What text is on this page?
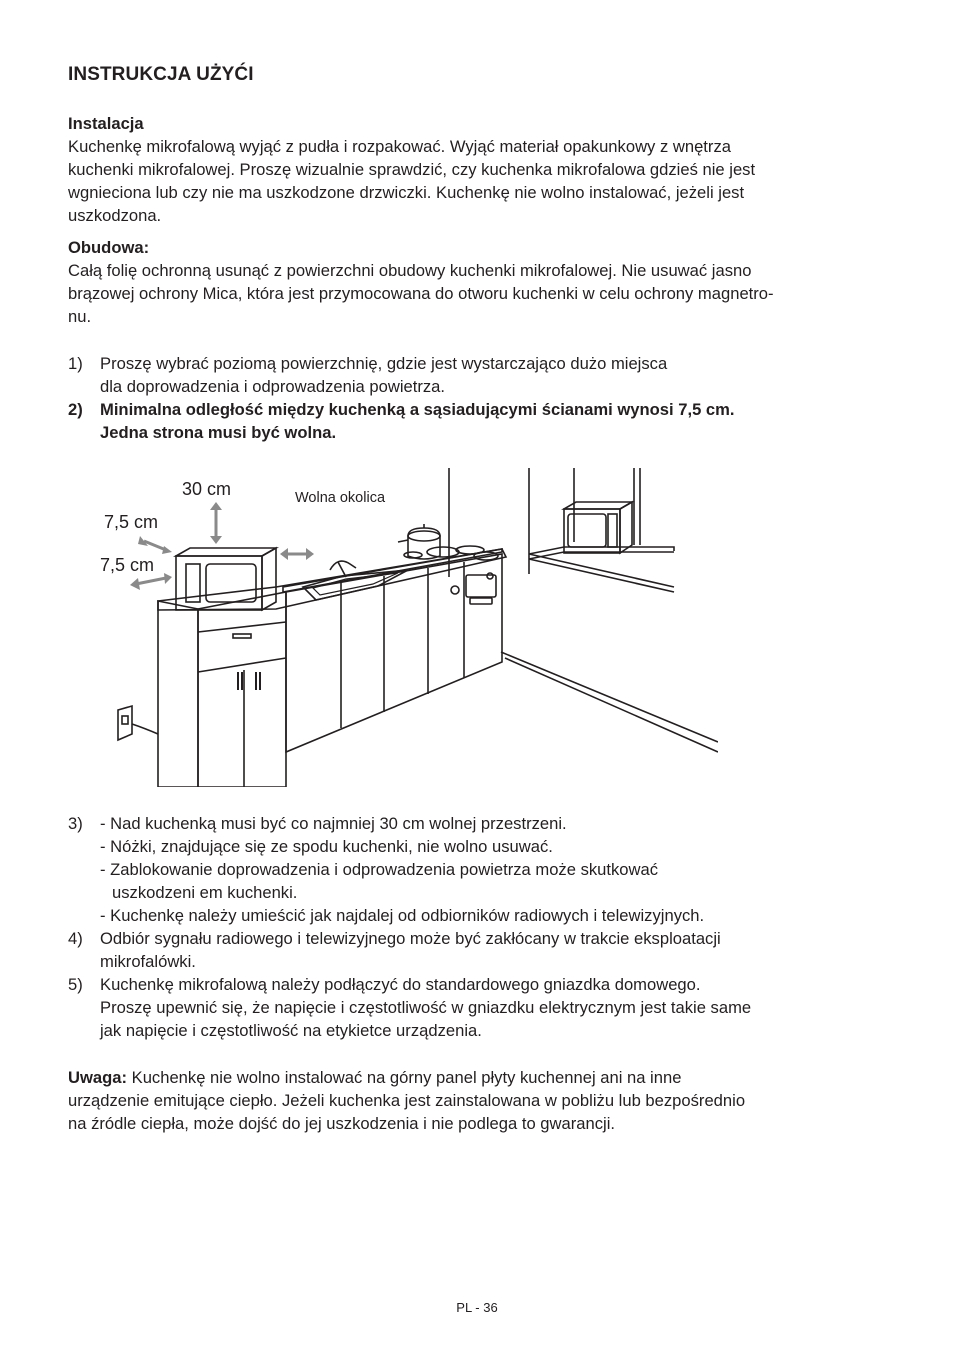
INSTRUKCJA UŻYĆI
Instalacja
Kuchenkę mikrofalową wyjąć z pudła i rozpakować. Wyjąć materiał opakunkowy z wnętrza
kuchenki mikrofalowej. Proszę wizualnie sprawdzić, czy kuchenka mikrofalowa gdzieś nie jest
wgnieciona lub czy nie ma uszkodzone drzwiczki. Kuchenkę nie wolno instalować, jeżeli jest
uszkodzona.
Obudowa:
Całą folię ochronną usunąć z powierzchni obudowy kuchenki mikrofalowej. Nie usuwać jasno
brązowej ochrony Mica, która jest przymocowana do otworu kuchenki w celu ochrony magnetro-
nu.
1)	Proszę wybrać poziomą powierzchnię, gdzie jest wystarczająco dużo miejsca
dla doprowadzenia i odprowadzenia powietrza.
2)	Minimalna odległość między kuchenką a sąsiadującymi ścianami wynosi 7,5 cm.
Jedna strona musi być wolna.
30 cm
7,5 cm
7,5 cm
Wolna okolica
3)	- Nad kuchenką musi być co najmniej 30 cm wolnej przestrzeni.
- Nóżki, znajdujące się ze spodu kuchenki, nie wolno usuwać.
- Zablokowanie doprowadzenia i odprowadzenia powietrza może skutkować
uszkodzeni em kuchenki.
- Kuchenkę należy umieścić jak najdalej od odbiorników radiowych i telewizyjnych.
4)	Odbiór sygnału radiowego i telewizyjnego może być zakłócany w trakcie eksploatacji
mikrofalówki.
5)	Kuchenkę mikrofalową należy podłączyć do standardowego gniazdka domowego.
Proszę upewnić się, że napięcie i częstotliwość w gniazdku elektrycznym jest takie same
jak napięcie i częstotliwość na etykietce urządzenia.
Uwaga: Kuchenkę nie wolno instalować na górny panel płyty kuchennej ani na inne
urządzenie emitujące ciepło. Jeżeli kuchenka jest zainstalowana w pobliżu lub bezpośrednio
na źródle ciepła, może dojść do jej uszkodzenia i nie podlega to gwarancji.
PL - 36
